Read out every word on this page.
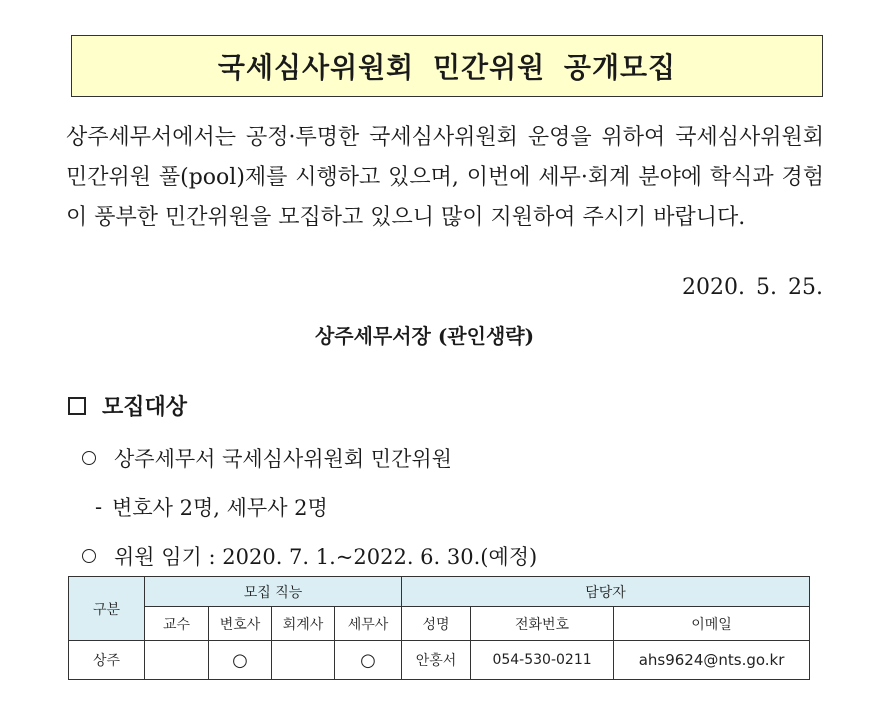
국세심사위원회 민간위원 공개모집
상주세무서에서는 공정·투명한 국세심사위원회 운영을 위하여 국세심사위원회 민간위원 풀(pool)제를 시행하고 있으며, 이번에 세무·회계 분야에 학식과 경험이 풍부한 민간위원을 모집하고 있으니 많이 지원하여 주시기 바랍니다.
2020. 5. 25.
상주세무서장 (관인생략)
모집대상
상주세무서 국세심사위원회 민간위원
- 변호사 2명, 세무사 2명
위원 임기 : 2020. 7. 1.~2022. 6. 30.(예정)
구분	모집 직능				담당자		
	교수	변호사	회계사	세무사	성명	전화번호	이메일
상주		○		○	안홍서	054-530-0211	ahs9624@nts.go.kr
